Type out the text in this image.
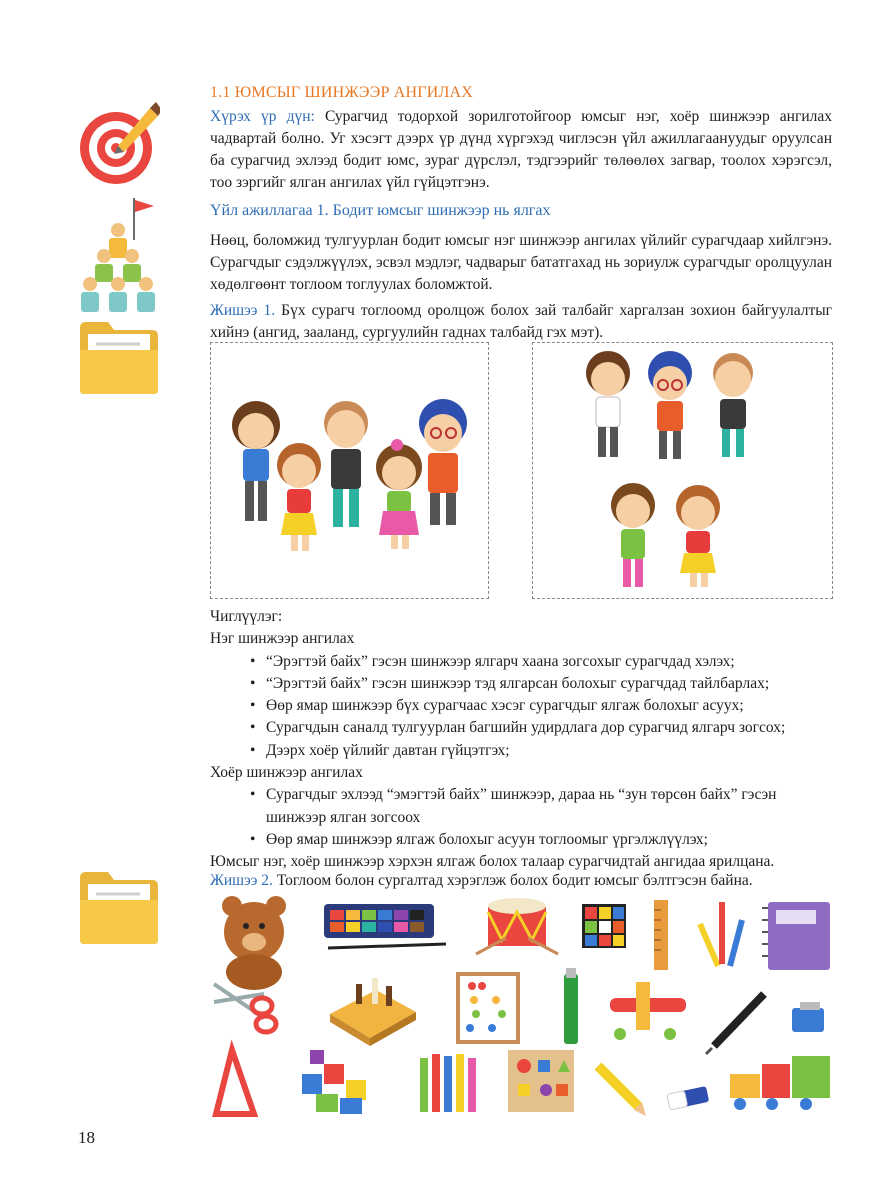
1.1 ЮМСЫГ ШИНЖЭЭР АНГИЛАХ
Хүрэх үр дүн: Сурагчид тодорхой зорилготойгоор юмсыг нэг, хоёр шинжээр ангилах чадвартай болно. Уг хэсэгт дээрх үр дүнд хүргэхэд чиглэсэн үйл ажиллагаануудыг оруулсан ба сурагчид эхлээд бодит юмс, зураг дүрслэл, тэдгээрийг төлөөлөх загвар, тоолох хэрэгсэл, тоо зэргийг ялган ангилах үйл гүйцэтгэнэ.
Үйл ажиллагаа 1. Бодит юмсыг шинжээр нь ялгах
Нөөц, боломжид тулгуурлан бодит юмсыг нэг шинжээр ангилах үйлийг сурагчдаар хийлгэнэ. Сурагчдыг сэдэлжүүлэх, эсвэл мэдлэг, чадварыг бататгахад нь зориулж сурагчдыг оролцуулан хөдөлгөөнт тоглоом тоглуулах боломжтой.
Жишээ 1. Бүх сурагч тоглоомд оролцож болох зай талбайг харгалзан зохион байгуулалтыг хийнэ (ангид, зааланд, сургуулийн гаднах талбайд гэх мэт).
Чиглүүлэг:
Нэг шинжээр ангилах
• “Эрэгтэй байх” гэсэн шинжээр ялгарч хаана зогсохыг сурагчдад хэлэх;
• “Эрэгтэй байх” гэсэн шинжээр тэд ялгарсан болохыг сурагчдад тайлбарлах;
• Өөр ямар шинжээр бүх сурагчаас хэсэг сурагчдыг ялгаж болохыг асуух;
• Сурагчдын саналд тулгуурлан багшийн удирдлага дор сурагчид ялгарч зогсох;
• Дээрх хоёр үйлийг давтан гүйцэтгэх;
Хоёр шинжээр ангилах
• Сурагчдыг эхлээд “эмэгтэй байх” шинжээр, дараа нь “зун төрсөн байх” гэсэн шинжээр ялган зогсоох
• Өөр ямар шинжээр ялгаж болохыг асуун тоглоомыг үргэлжлүүлэх;
Юмсыг нэг, хоёр шинжээр хэрхэн ялгаж болох талаар сурагчидтай ангидаа ярилцана.
Жишээ 2. Тоглоом болон сургалтад хэрэглэж болох бодит юмсыг бэлтгэсэн байна.
18
